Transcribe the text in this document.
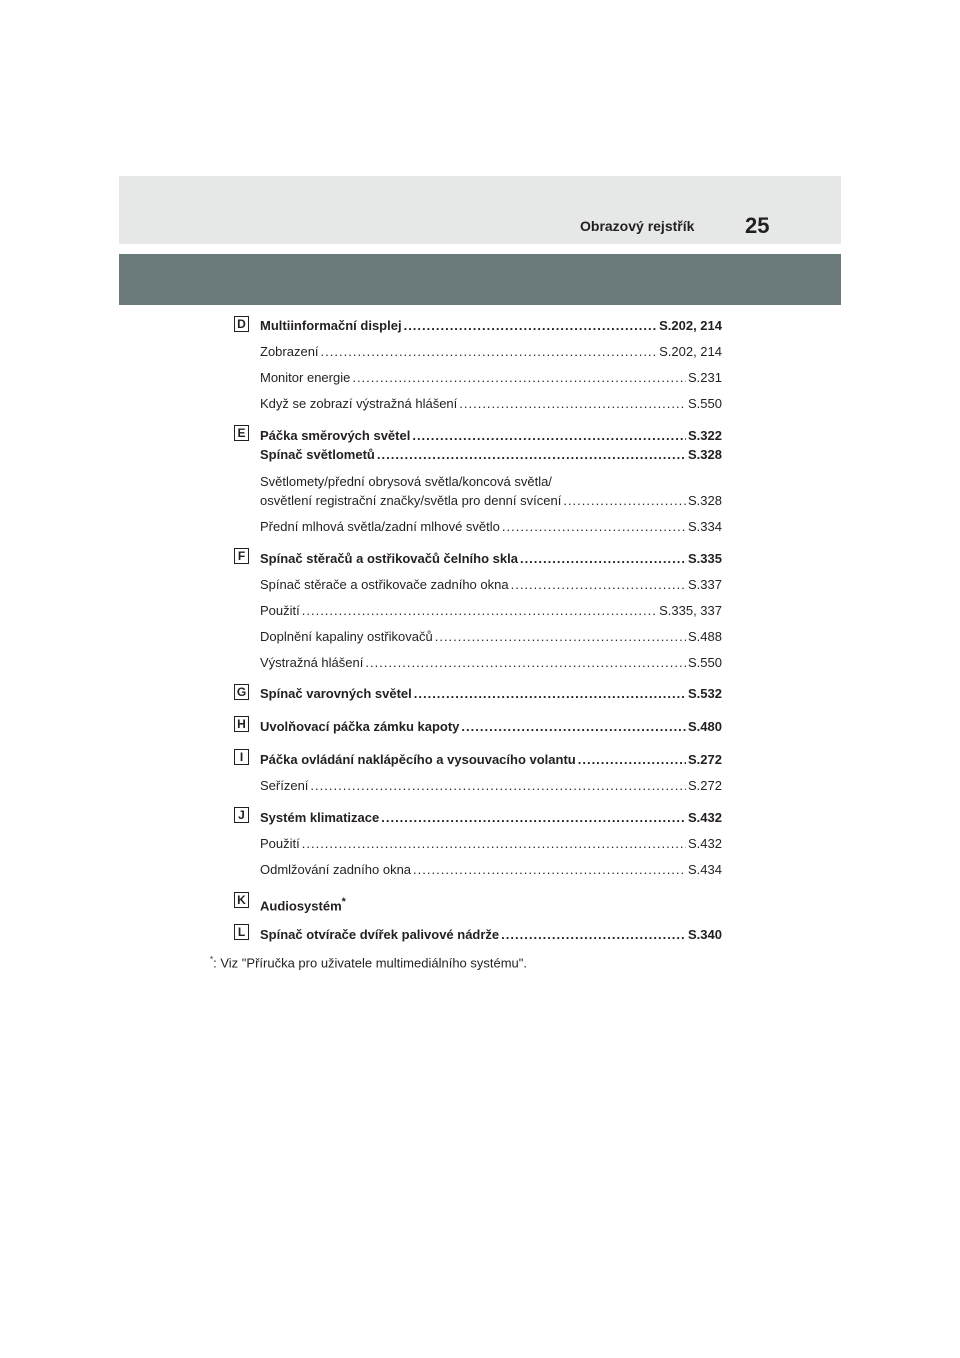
Obrazový rejstřík 25
D Multiinformační displej .....	S.202, 214
Zobrazení .....	S.202, 214
Monitor energie .....	S.231
Když se zobrazí výstražná hlášení .....	S.550
E Páčka směrových světel .....	S.322
Spínač světlometů .....	S.328
Světlomety/přední obrysová světla/koncová světla/
osvětlení registrační značky/světla pro denní svícení .....	S.328
Přední mlhová světla/zadní mlhové světlo .....	S.334
F Spínač stěračů a ostřikovačů čelního skla .....	S.335
Spínač stěrače a ostřikovače zadního okna .....	S.337
Použití .....	S.335, 337
Doplnění kapaliny ostřikovačů .....	S.488
Výstražná hlášení .....	S.550
G Spínač varovných světel .....	S.532
H Uvolňovací páčka zámku kapoty .....	S.480
I	Páčka ovládání naklápěcího a vysouvacího volantu .....	S.272
Seřízení .....	S.272
J	Systém klimatizace .....	S.432
Použití .....	S.432
Odmlžování zadního okna .....	S.434
K Audiosystém*
L Spínač otvírače dvířek palivové nádrže .....	S.340
*: Viz "Příručka pro uživatele multimediálního systému".
